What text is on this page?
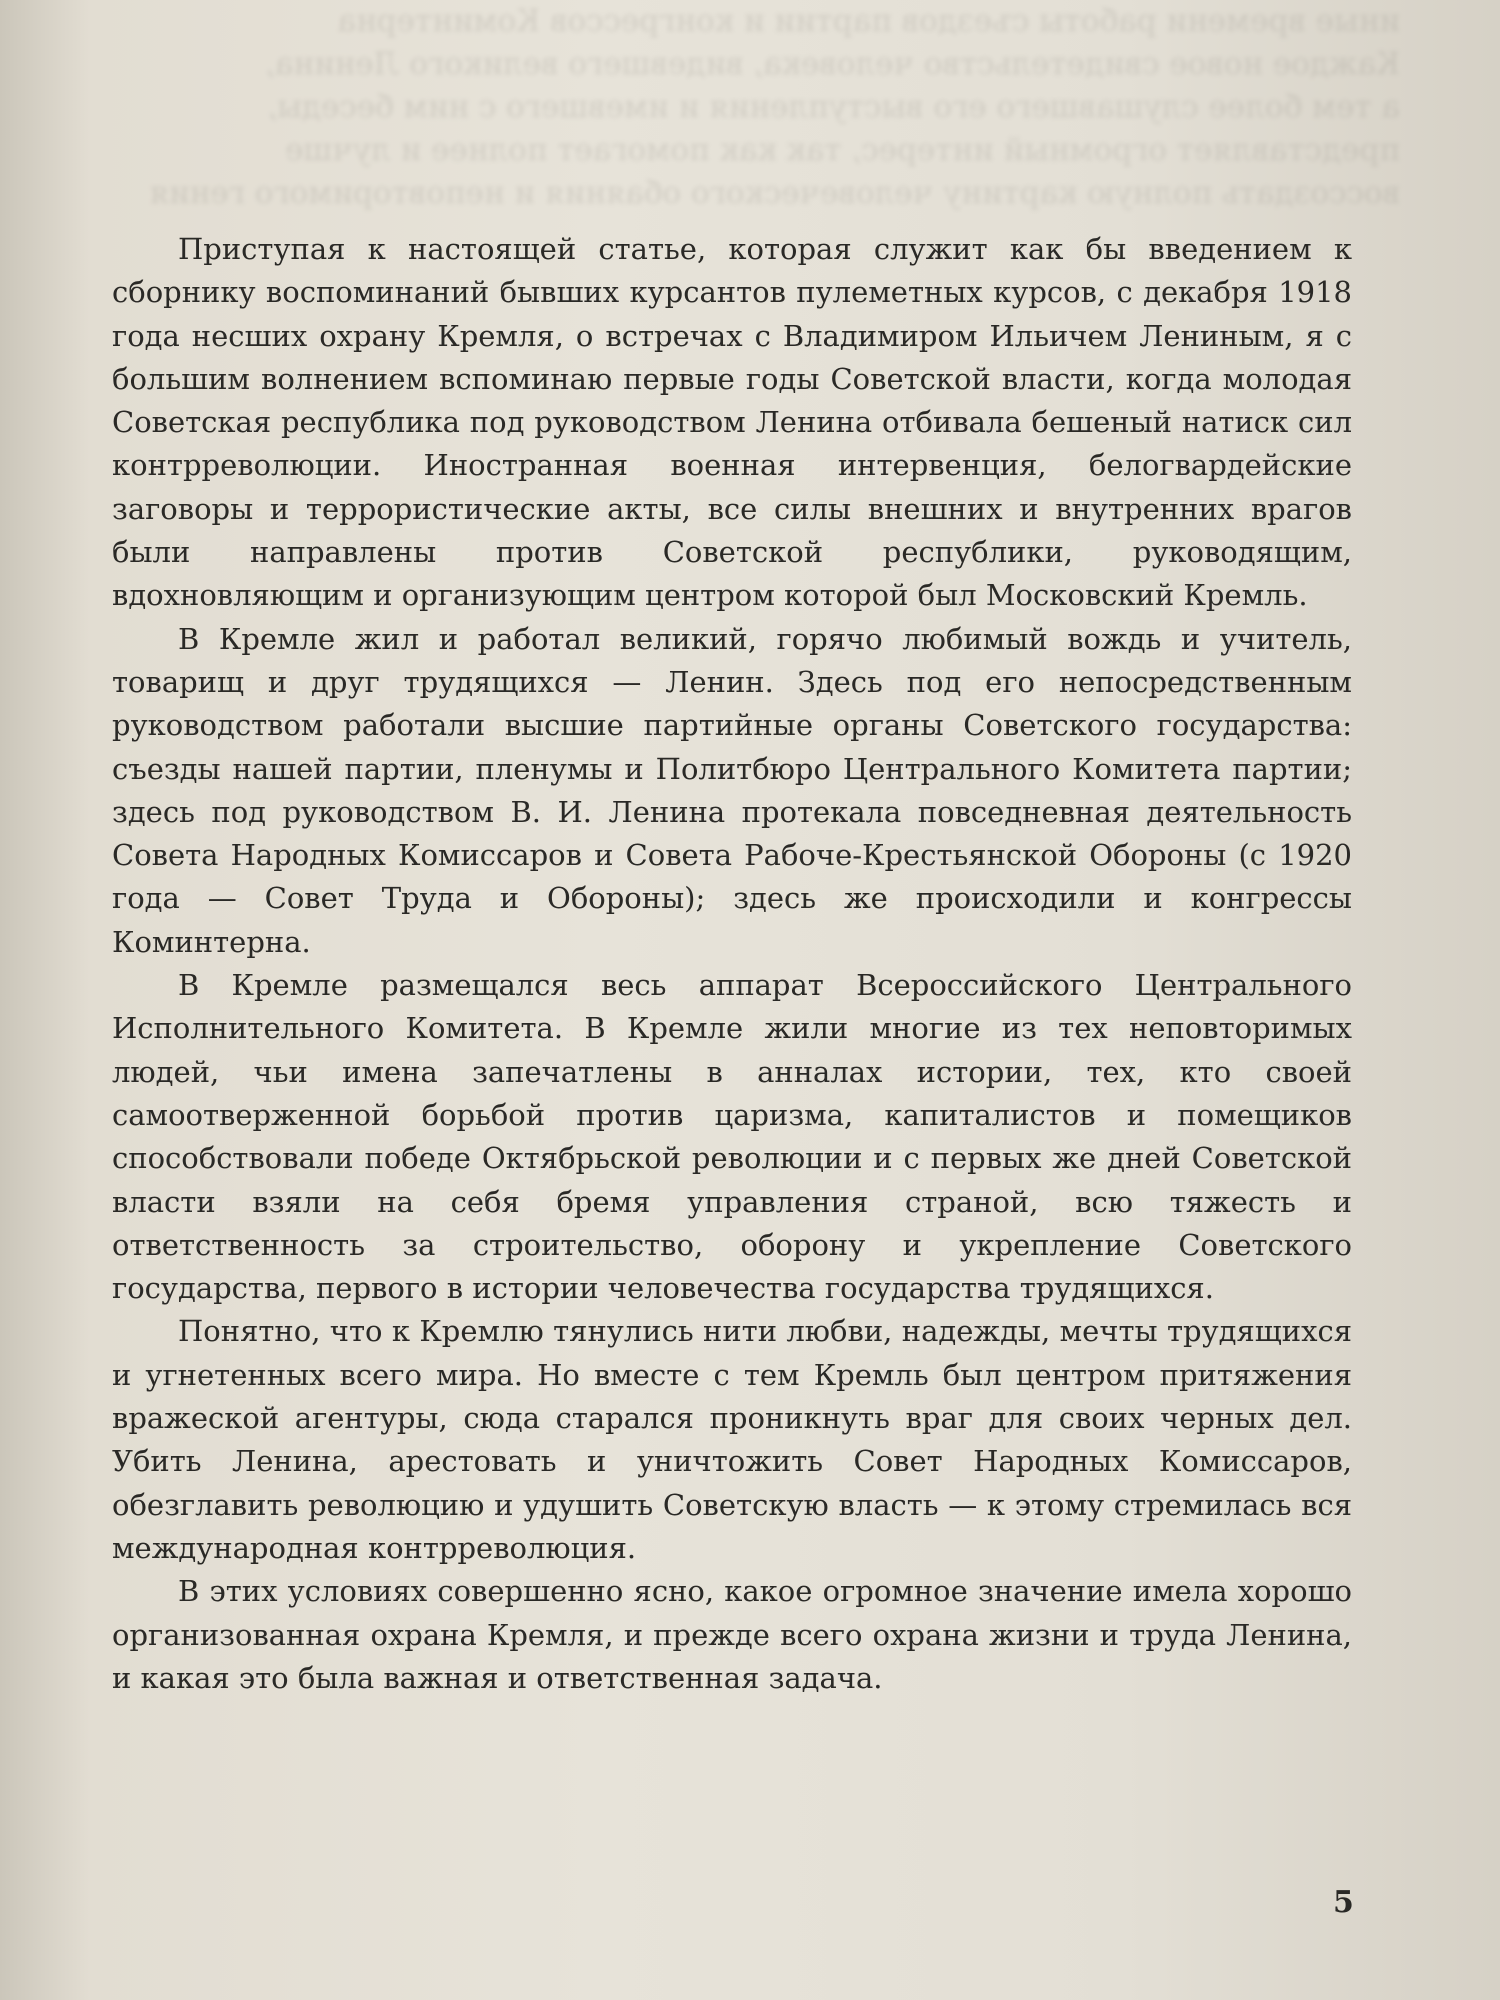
иные времени работы съездов партии и конгрессов Коминтерна

Каждое новое свидетельство человека, видевшего великого Ленина,

а тем более слушавшего его выступления и имевшего с ним беседы,

представляет огромный интерес, так как помогает полнее и лучше

воссоздать полную картину человеческого обаяния и неповторимого гения

Приступая к настоящей статье, которая служит как бы введением к сборнику воспоминаний бывших курсантов пулеметных курсов, с декабря 1918 года несших охрану Кремля, о встречах с Владимиром Ильичем Лениным, я с большим волнением вспоминаю первые годы Советской власти, когда молодая Советская республика под руководством Ленина отбивала бешеный натиск сил контрреволюции. Иностранная военная интервенция, белогвардейские заговоры и террористические акты, все силы внешних и внутренних врагов были направлены против Советской республики, руководящим, вдохновляющим и организующим центром которой был Московский Кремль.

В Кремле жил и работал великий, горячо любимый вождь и учитель, товарищ и друг трудящихся — Ленин. Здесь под его непосредственным руководством работали высшие партийные органы Советского государства: съезды нашей партии, пленумы и Политбюро Центрального Комитета партии; здесь под руководством В. И. Ленина протекала повседневная деятельность Совета Народных Комиссаров и Совета Рабоче-Крестьянской Обороны (с 1920 года — Совет Труда и Обороны); здесь же происходили и конгрессы Коминтерна.

В Кремле размещался весь аппарат Всероссийского Центрального Исполнительного Комитета. В Кремле жили многие из тех неповторимых людей, чьи имена запечатлены в анналах истории, тех, кто своей самоотверженной борьбой против царизма, капиталистов и помещиков способствовали победе Октябрьской революции и с первых же дней Советской власти взяли на себя бремя управления страной, всю тяжесть и ответственность за строительство, оборону и укрепление Советского государства, первого в истории человечества государства трудящихся.

Понятно, что к Кремлю тянулись нити любви, надежды, мечты трудящихся и угнетенных всего мира. Но вместе с тем Кремль был центром притяжения вражеской агентуры, сюда старался проникнуть враг для своих черных дел. Убить Ленина, арестовать и уничтожить Совет Народных Комиссаров, обезглавить революцию и удушить Советскую власть — к этому стремилась вся международная контрреволюция.

В этих условиях совершенно ясно, какое огромное значение имела хорошо организованная охрана Кремля, и прежде всего охрана жизни и труда Ленина, и какая это была важная и ответственная задача.

5
